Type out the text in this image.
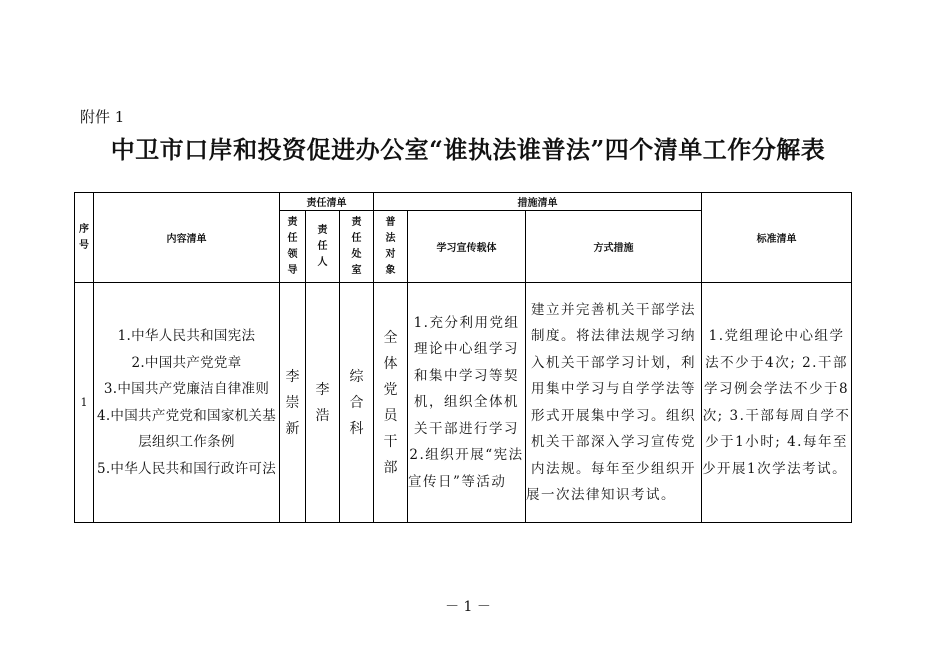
附件 1
中卫市口岸和投资促进办公室“谁执法谁普法”四个清单工作分解表
序号	内容清单	责任清单			措施清单			标准清单

		责任领导	责任人	责任处室	普法对象	学习宣传载体	方式措施	
1	1.中华人民共和国宪法
2.中国共产党党章
3.中国共产党廉洁自律准则
4.中国共产党党和国家机关基层组织工作条例
5.中华人民共和国行政许可法	李崇新	李浩	综合科	全体党员干部	1.充分利用党组理论中心组学习和集中学习等契机，组织全体机关干部进行学习 2.组织开展“宪法宣传日”等活动	建立并完善机关干部学法制度。将法律法规学习纳入机关干部学习计划，利用集中学习与自学学法等形式开展集中学习。组织机关干部深入学习宣传党内法规。每年至少组织开展一次法律知识考试。	1.党组理论中心组学法不少于4次; 2.干部学习例会学法不少于8次; 3.干部每周自学不少于1小时; 4.每年至少开展1次学法考试。
－ 1 －
